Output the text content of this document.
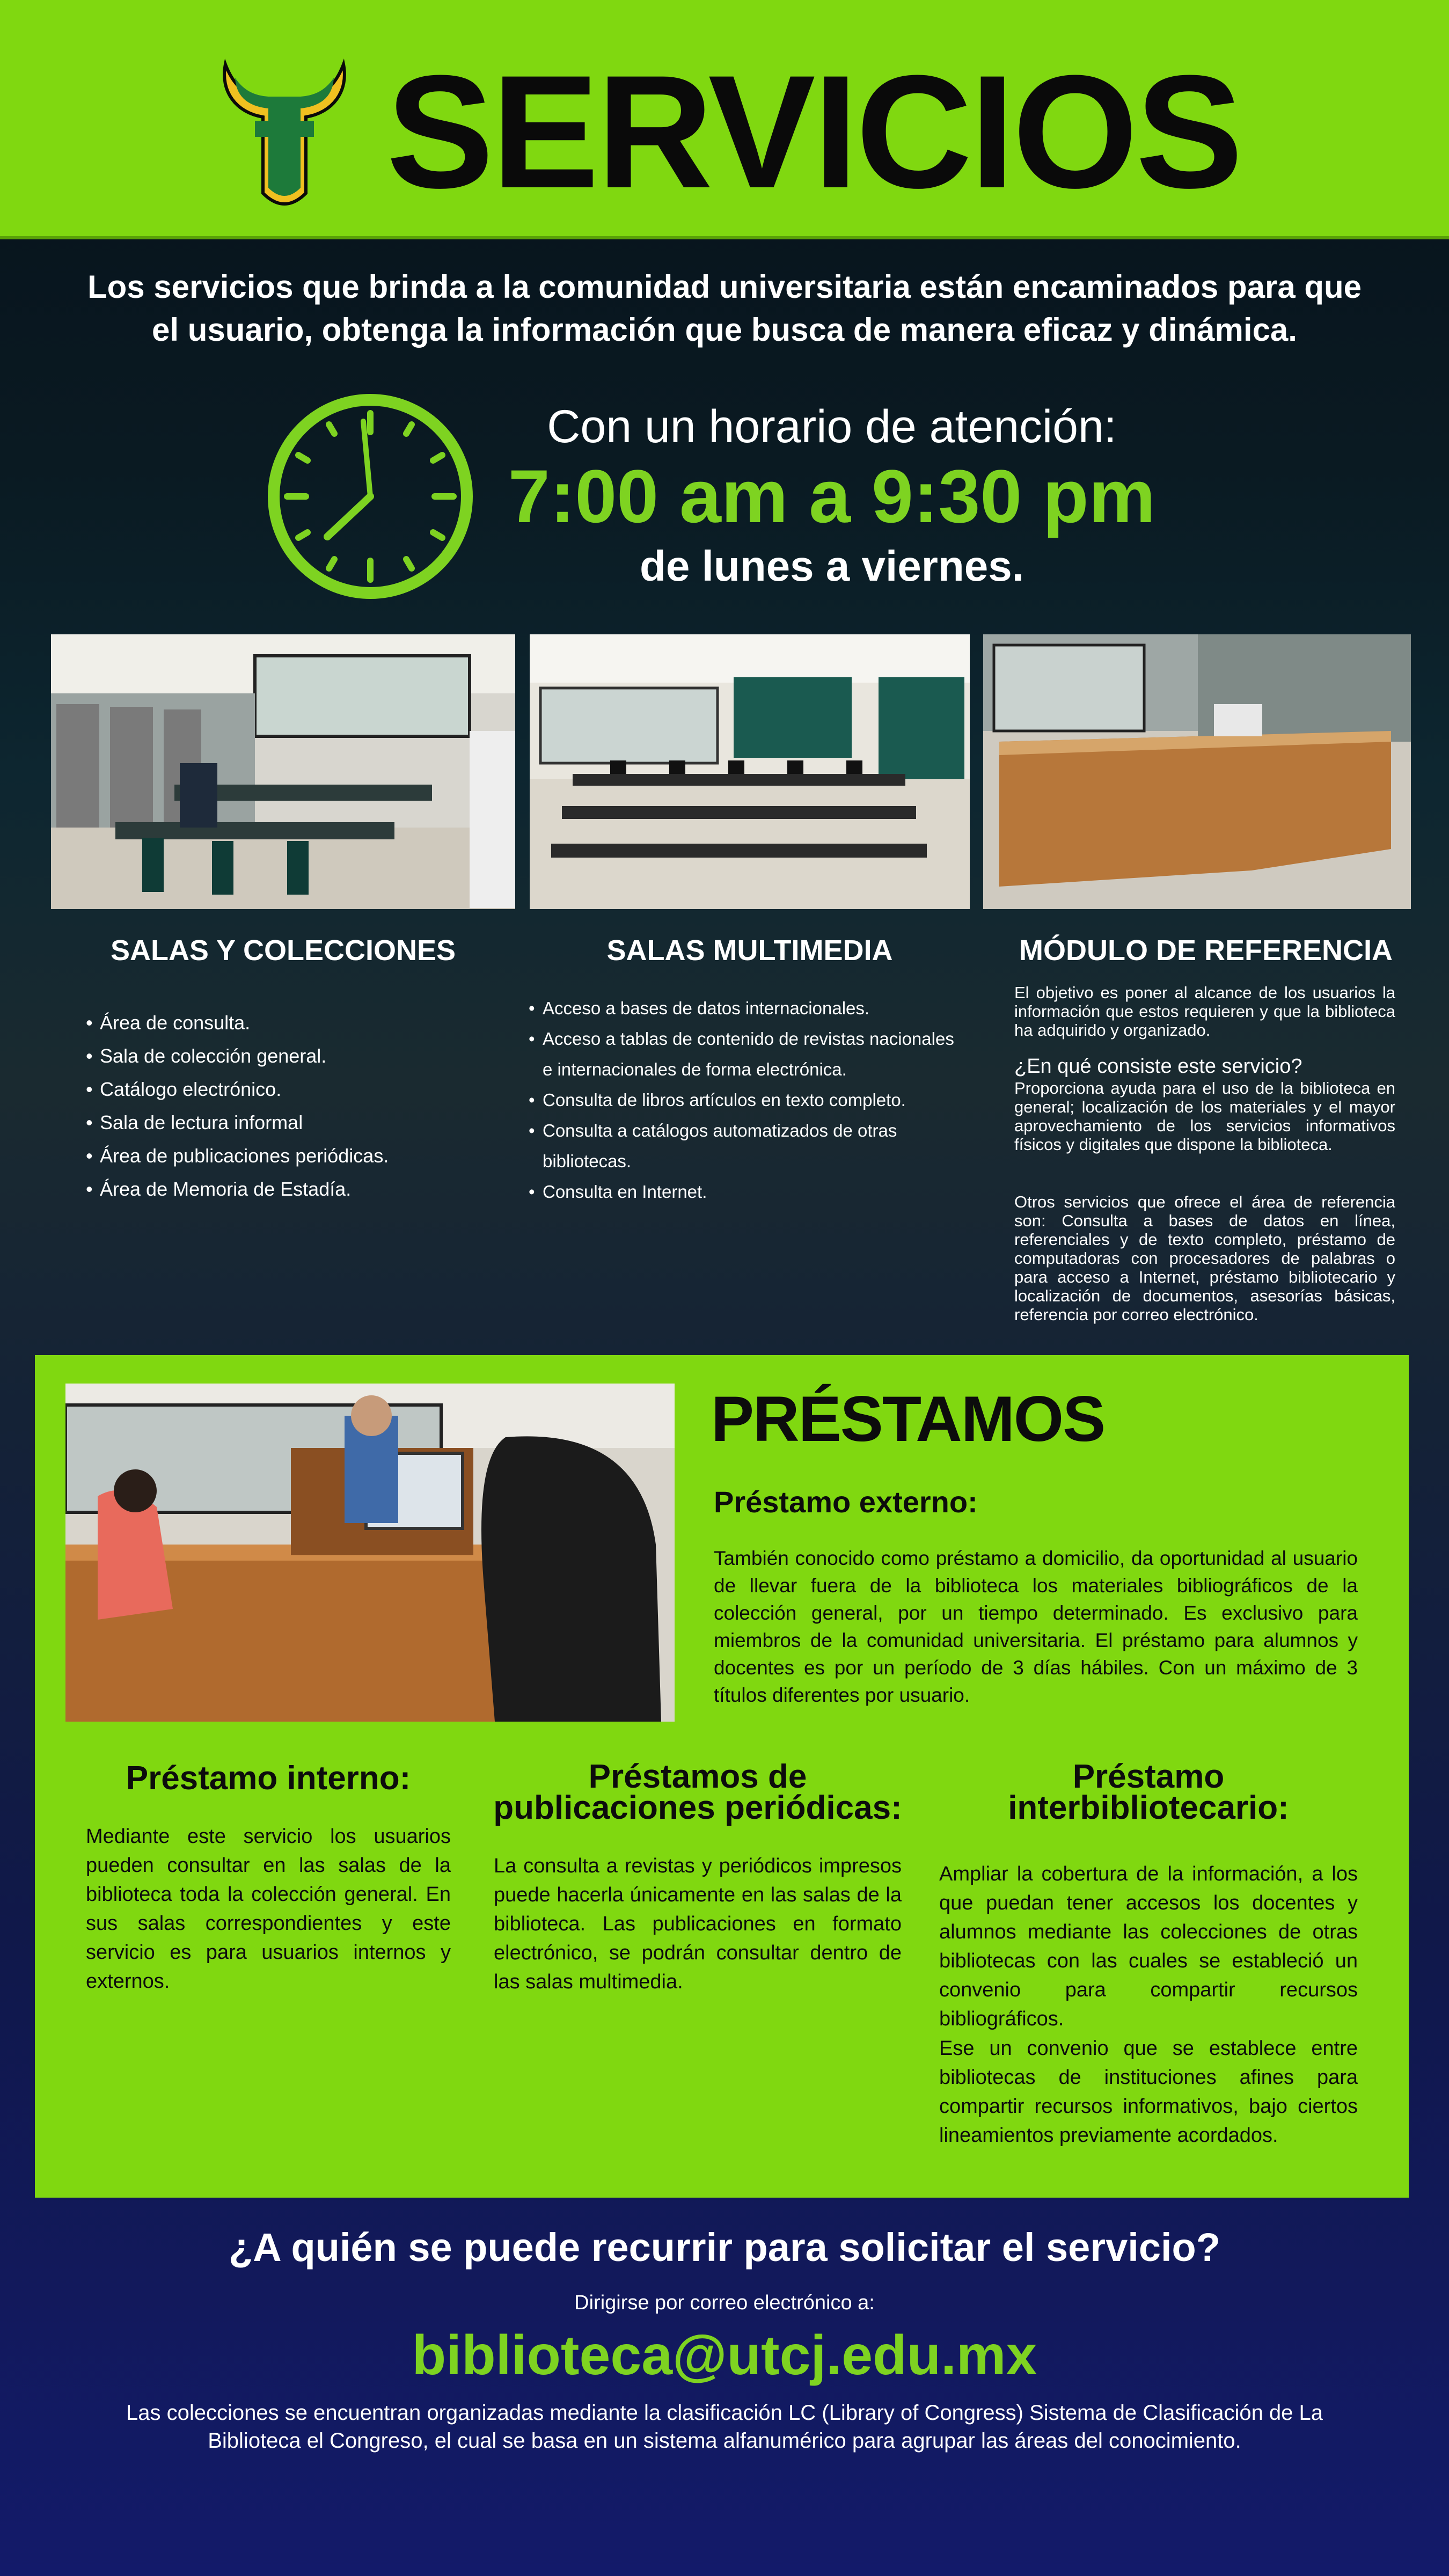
SERVICIOS
Los servicios que brinda a la comunidad universitaria están encaminados para que el usuario, obtenga la información que busca de manera eficaz y dinámica.
Con un horario de atención:
7:00 am a 9:30 pm
de lunes a viernes.
SALAS Y COLECCIONES
• Área de consulta.
• Sala de colección general.
• Catálogo electrónico.
• Sala de lectura informal
• Área de publicaciones periódicas.
• Área de Memoria de Estadía.
SALAS MULTIMEDIA
• Acceso a bases de datos internacionales.
• Acceso a tablas de contenido de revistas nacionales e internacionales de forma electrónica.
• Consulta de libros artículos en texto completo.
• Consulta a catálogos automatizados de otras bibliotecas.
• Consulta en Internet.
MÓDULO DE REFERENCIA
El objetivo es poner al alcance de los usuarios la información que estos requieren y que la biblioteca ha adquirido y organizado.
¿En qué consiste este servicio?
Proporciona ayuda para el uso de la biblioteca en general; localización de los materiales y el mayor aprovechamiento de los servicios informativos físicos y digitales que dispone la biblioteca.
Otros servicios que ofrece el área de referencia son: Consulta a bases de datos en línea, referenciales y de texto completo, préstamo de computadoras con procesadores de palabras o para acceso a Internet, préstamo bibliotecario y localización de documentos, asesorías básicas, referencia por correo electrónico.
PRÉSTAMOS
Préstamo externo:
También conocido como préstamo a domicilio, da oportunidad al usuario de llevar fuera de la biblioteca los materiales bibliográficos de la colección general, por un tiempo determinado. Es exclusivo para miembros de la comunidad universitaria. El préstamo para alumnos y docentes es por un período de 3 días hábiles. Con un máximo de 3 títulos diferentes por usuario.
Préstamo interno:
Mediante este servicio los usuarios pueden consultar en las salas de la biblioteca toda la colección general. En sus salas correspondientes y este servicio es para usuarios internos y externos.
Préstamos de
publicaciones periódicas:
La consulta a revistas y periódicos impresos puede hacerla únicamente en las salas de la biblioteca. Las publicaciones en formato electrónico, se podrán consultar dentro de las salas multimedia.
Préstamo
interbibliotecario:
Ampliar la cobertura de la información, a los que puedan tener accesos los docentes y alumnos mediante las colecciones de otras bibliotecas con las cuales se estableció un convenio para compartir recursos bibliográficos.
Ese un convenio que se establece entre bibliotecas de instituciones afines para compartir recursos informativos, bajo ciertos lineamientos previamente acordados.
¿A quién se puede recurrir para solicitar el servicio?
Dirigirse por correo electrónico a:
biblioteca@utcj.edu.mx
Las colecciones se encuentran organizadas mediante la clasificación LC (Library of Congress) Sistema de Clasificación de La Biblioteca el Congreso, el cual se basa en un sistema alfanumérico para agrupar las áreas del conocimiento.
